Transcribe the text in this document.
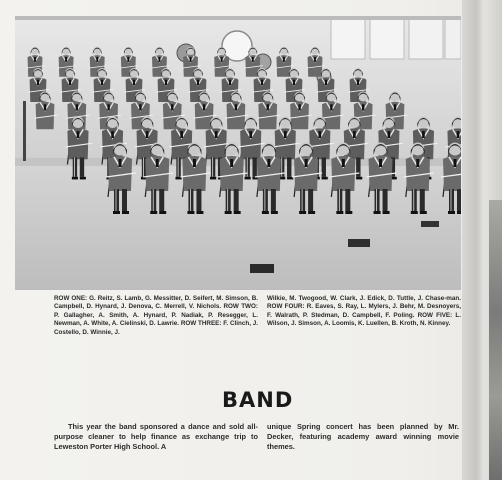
ROW ONE: G. Reitz, S. Lamb, G. Messitter, D. Seifert, M. Simson, B. Campbell, D. Hynard, J. Denova, C. Merrell, V. Nichols. ROW TWO: P. Gallagher, A. Smith, A. Hynard, P. Nadiak, P. Resegger, L. Newman, A. White, A. Cielinski, D. Lawrie. ROW THREE: F. Clinch, J. Costello, D. Winnie, J.
Wilkie, M. Twogood, W. Clark, J. Edick, D. Tuttle, J. Chase-man. ROW FOUR: R. Eaves, S. Ray, L. Mylers, J. Behr, M. Desnoyers, F. Walrath, P. Stedman, D. Campbell, F. Poling. ROW FIVE: L. Wilson, J. Simson, A. Loomis, K. Luellen, B. Kroth, N. Kinney.
BAND
This year the band sponsored a dance and sold all-purpose cleaner to help finance as exchange trip to Leweston Porter High School. A
unique Spring concert has been planned by Mr. Decker, featuring academy award winning movie themes.
